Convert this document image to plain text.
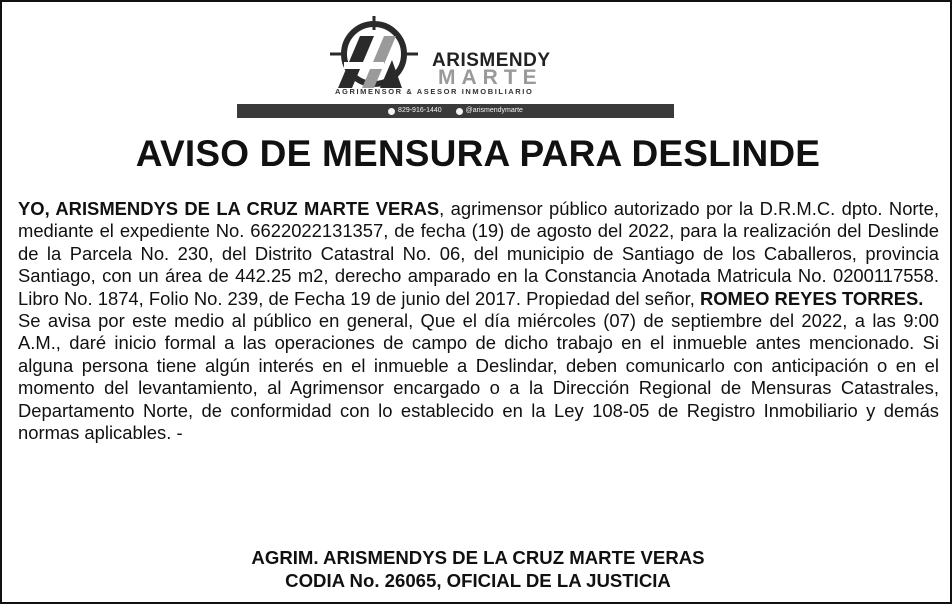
ARISMENDY
MARTE
AGRIMENSOR & ASESOR INMOBILIARIO
829-916-1440	@arismendymarte
AVISO DE MENSURA PARA DESLINDE

YO, ARISMENDYS DE LA CRUZ MARTE VERAS, agrimensor público autorizado por la D.R.M.C. dpto. Norte, mediante el expediente No. 6622022131357, de fecha (19) de agosto del 2022, para la realización del Deslinde de la Parcela No. 230, del Distrito Catastral No. 06, del municipio de Santiago de los Caballeros, provincia Santiago, con un área de 442.25 m2, derecho amparado en la Constancia Anotada Matricula No. 0200117558. Libro No. 1874, Folio No. 239, de Fecha 19 de junio del 2017. Propiedad del señor, ROMEO REYES TORRES.

Se avisa por este medio al público en general, Que el día miércoles (07) de septiembre del 2022, a las 9:00 A.M., daré inicio formal a las operaciones de campo de dicho trabajo en el inmueble antes mencionado. Si alguna persona tiene algún interés en el inmueble a Deslindar, deben comunicarlo con anticipación o en el momento del levantamiento, al Agrimensor encargado o a la Dirección Regional de Mensuras Catastrales, Departamento Norte, de conformidad con lo establecido en la Ley 108-05 de Registro Inmobiliario y demás normas aplicables. -

AGRIM. ARISMENDYS DE LA CRUZ MARTE VERAS
CODIA No. 26065, OFICIAL DE LA JUSTICIA
